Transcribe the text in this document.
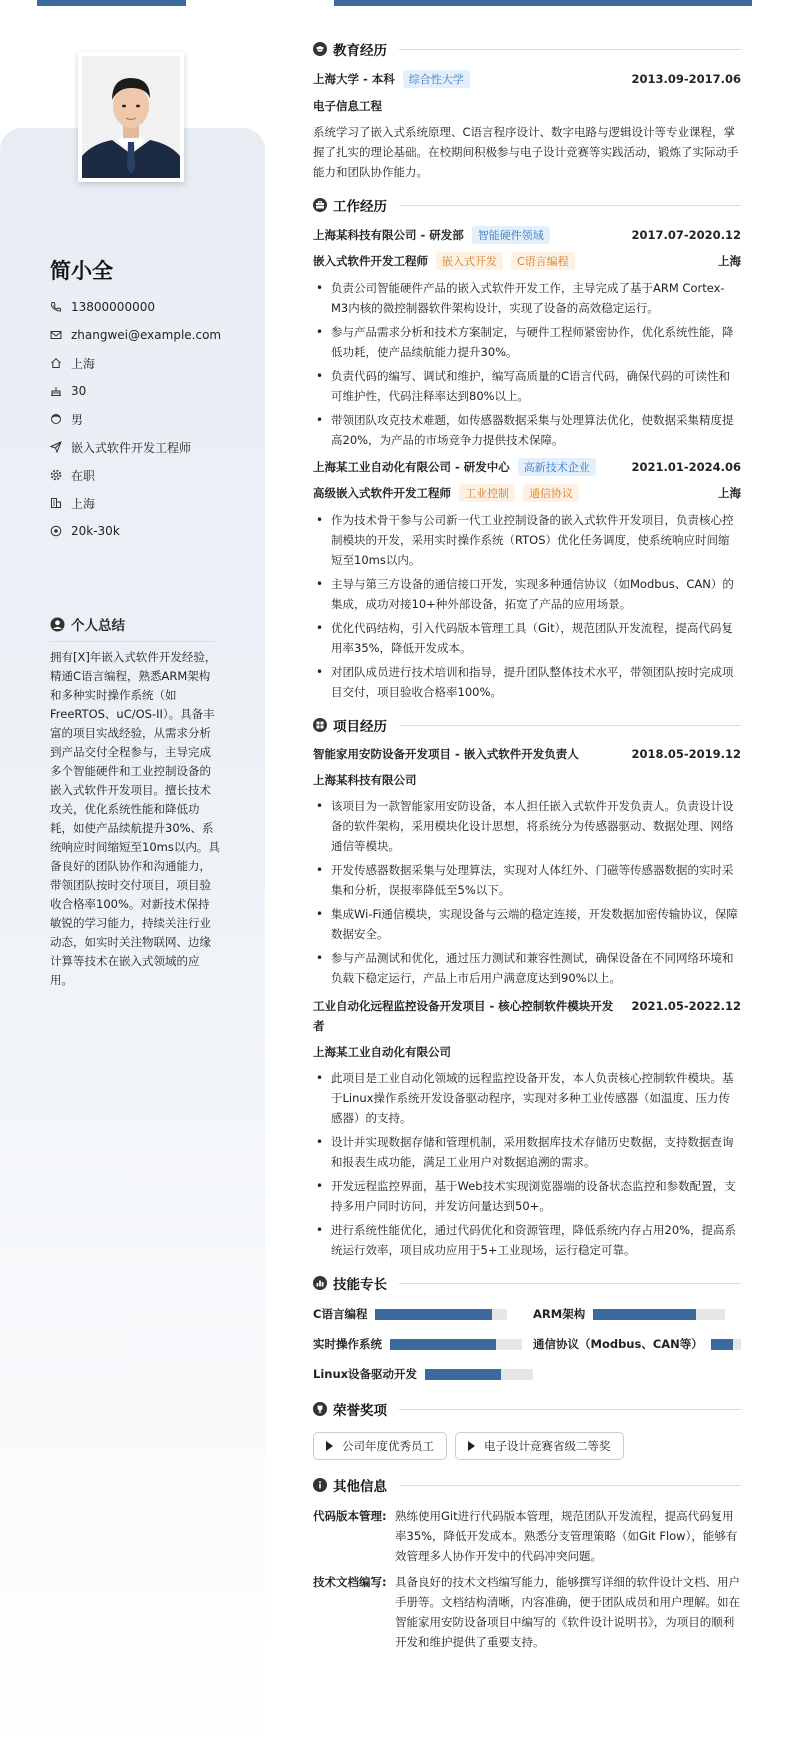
简小全
13800000000
zhangwei@example.com
上海
30
男
嵌入式软件开发工程师
在职
上海
20k-30k
个人总结
拥有[X]年嵌入式软件开发经验，精通C语言编程，熟悉ARM架构和多种实时操作系统（如FreeRTOS、uC/OS-II）。具备丰富的项目实战经验，从需求分析到产品交付全程参与，主导完成多个智能硬件和工业控制设备的嵌入式软件开发项目。擅长技术攻关，优化系统性能和降低功耗，如使产品续航提升30%、系统响应时间缩短至10ms以内。具备良好的团队协作和沟通能力，带领团队按时交付项目，项目验收合格率100%。对新技术保持敏锐的学习能力，持续关注行业动态，如实时关注物联网、边缘计算等技术在嵌入式领域的应用。
教育经历
上海大学 - 本科 综合性大学	2013.09-2017.06
电子信息工程
系统学习了嵌入式系统原理、C语言程序设计、数字电路与逻辑设计等专业课程，掌握了扎实的理论基础。在校期间积极参与电子设计竞赛等实践活动，锻炼了实际动手能力和团队协作能力。
工作经历
上海某科技有限公司 - 研发部 智能硬件领域	2017.07-2020.12
嵌入式软件开发工程师 嵌入式开发 C语言编程	上海
• 负责公司智能硬件产品的嵌入式软件开发工作，主导完成了基于ARM Cortex-M3内核的微控制器软件架构设计，实现了设备的高效稳定运行。
• 参与产品需求分析和技术方案制定，与硬件工程师紧密协作，优化系统性能，降低功耗，使产品续航能力提升30%。
• 负责代码的编写、调试和维护，编写高质量的C语言代码，确保代码的可读性和可维护性，代码注释率达到80%以上。
• 带领团队攻克技术难题，如传感器数据采集与处理算法优化，使数据采集精度提高20%，为产品的市场竞争力提供技术保障。
上海某工业自动化有限公司 - 研发中心 高新技术企业	2021.01-2024.06
高级嵌入式软件开发工程师 工业控制 通信协议	上海
• 作为技术骨干参与公司新一代工业控制设备的嵌入式软件开发项目，负责核心控制模块的开发，采用实时操作系统（RTOS）优化任务调度，使系统响应时间缩短至10ms以内。
• 主导与第三方设备的通信接口开发，实现多种通信协议（如Modbus、CAN）的集成，成功对接10+种外部设备，拓宽了产品的应用场景。
• 优化代码结构，引入代码版本管理工具（Git），规范团队开发流程，提高代码复用率35%，降低开发成本。
• 对团队成员进行技术培训和指导，提升团队整体技术水平，带领团队按时完成项目交付，项目验收合格率100%。
项目经历
智能家用安防设备开发项目 - 嵌入式软件开发负责人	2018.05-2019.12
上海某科技有限公司
• 该项目为一款智能家用安防设备，本人担任嵌入式软件开发负责人。负责设计设备的软件架构，采用模块化设计思想，将系统分为传感器驱动、数据处理、网络通信等模块。
• 开发传感器数据采集与处理算法，实现对人体红外、门磁等传感器数据的实时采集和分析，误报率降低至5%以下。
• 集成Wi-Fi通信模块，实现设备与云端的稳定连接，开发数据加密传输协议，保障数据安全。
• 参与产品测试和优化，通过压力测试和兼容性测试，确保设备在不同网络环境和负载下稳定运行，产品上市后用户满意度达到90%以上。
工业自动化远程监控设备开发项目 - 核心控制软件模块开发者
2021.05-2022.12
上海某工业自动化有限公司
• 此项目是工业自动化领域的远程监控设备开发，本人负责核心控制软件模块。基于Linux操作系统开发设备驱动程序，实现对多种工业传感器（如温度、压力传感器）的支持。
• 设计并实现数据存储和管理机制，采用数据库技术存储历史数据，支持数据查询和报表生成功能，满足工业用户对数据追溯的需求。
• 开发远程监控界面，基于Web技术实现浏览器端的设备状态监控和参数配置，支持多用户同时访问，并发访问量达到50+。
• 进行系统性能优化，通过代码优化和资源管理，降低系统内存占用20%，提高系统运行效率，项目成功应用于5+工业现场，运行稳定可靠。
技能专长
C语言编程	ARM架构
实时操作系统	通信协议（Modbus、CAN等）
Linux设备驱动开发
荣誉奖项
公司年度优秀员工	电子设计竞赛省级二等奖
其他信息
代码版本管理: 熟练使用Git进行代码版本管理，规范团队开发流程，提高代码复用率35%，降低开发成本。熟悉分支管理策略（如Git Flow），能够有效管理多人协作开发中的代码冲突问题。
技术文档编写: 具备良好的技术文档编写能力，能够撰写详细的软件设计文档、用户手册等。文档结构清晰，内容准确，便于团队成员和用户理解。如在智能家用安防设备项目中编写的《软件设计说明书》，为项目的顺利开发和维护提供了重要支持。
